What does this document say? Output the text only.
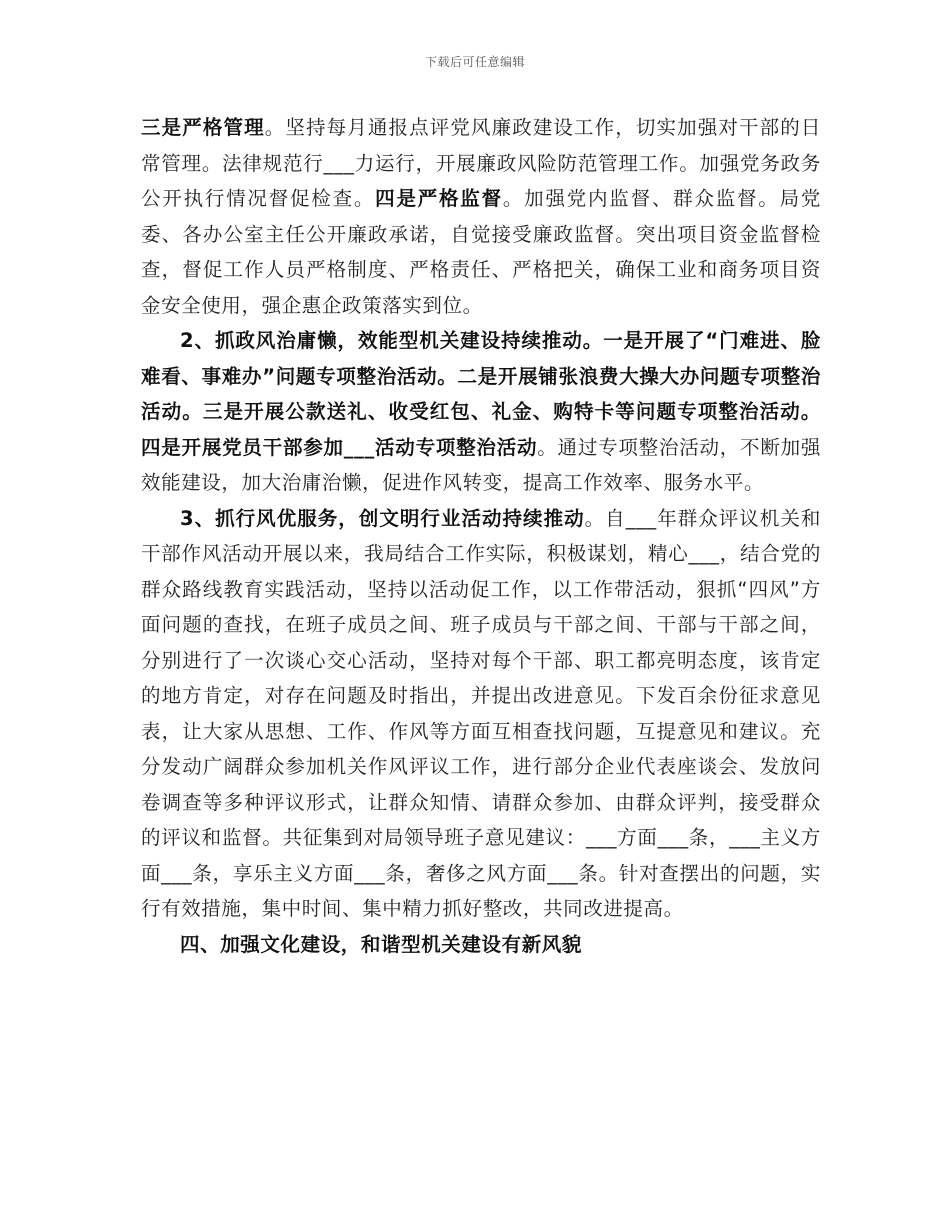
下载后可任意编辑

三是严格管理。坚持每月通报点评党风廉政建设工作，切实加强对干部的日常管理。法律规范行___力运行，开展廉政风险防范管理工作。加强党务政务公开执行情况督促检查。四是严格监督。加强党内监督、群众监督。局党委、各办公室主任公开廉政承诺，自觉接受廉政监督。突出项目资金监督检查，督促工作人员严格制度、严格责任、严格把关，确保工业和商务项目资金安全使用，强企惠企政策落实到位。

2、抓政风治庸懒，效能型机关建设持续推动。一是开展了“门难进、脸难看、事难办”问题专项整治活动。二是开展铺张浪费大操大办问题专项整治活动。三是开展公款送礼、收受红包、礼金、购特卡等问题专项整治活动。四是开展党员干部参加___活动专项整治活动。通过专项整治活动，不断加强效能建设，加大治庸治懒，促进作风转变，提高工作效率、服务水平。

3、抓行风优服务，创文明行业活动持续推动。自___年群众评议机关和干部作风活动开展以来，我局结合工作实际，积极谋划，精心___，结合党的群众路线教育实践活动，坚持以活动促工作，以工作带活动，狠抓“四风”方面问题的查找，在班子成员之间、班子成员与干部之间、干部与干部之间，分别进行了一次谈心交心活动，坚持对每个干部、职工都亮明态度，该肯定的地方肯定，对存在问题及时指出，并提出改进意见。下发百余份征求意见表，让大家从思想、工作、作风等方面互相查找问题，互提意见和建议。充分发动广阔群众参加机关作风评议工作，进行部分企业代表座谈会、发放问卷调查等多种评议形式，让群众知情、请群众参加、由群众评判，接受群众的评议和监督。共征集到对局领导班子意见建议：___方面___条，___主义方面___条，享乐主义方面___条，奢侈之风方面___条。针对查摆出的问题，实行有效措施，集中时间、集中精力抓好整改，共同改进提高。

四、加强文化建设，和谐型机关建设有新风貌
